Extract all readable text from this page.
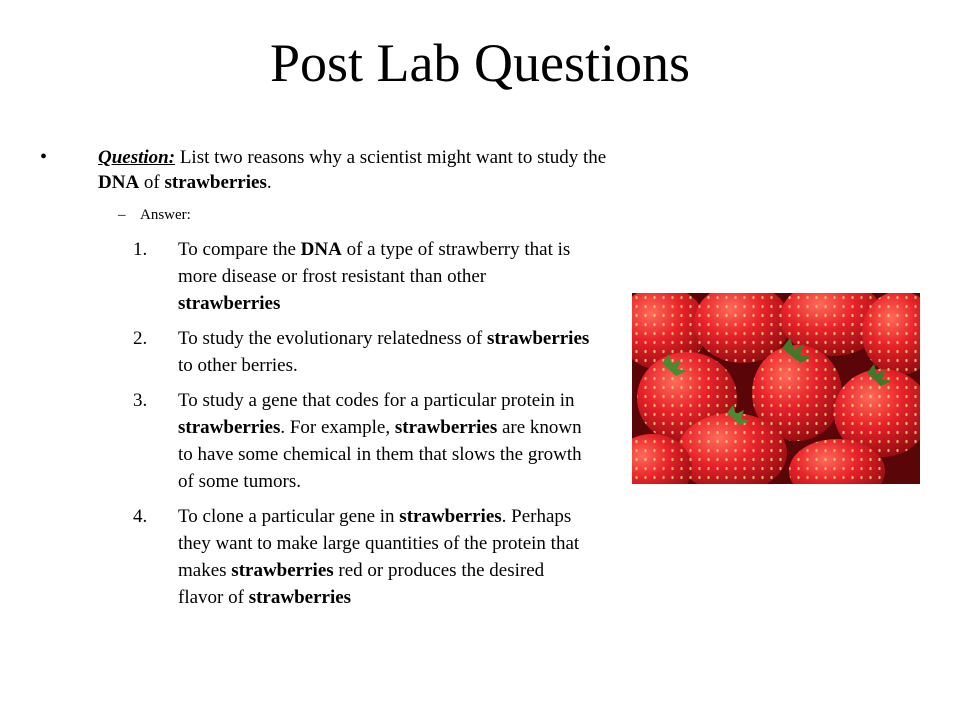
Post Lab Questions
•	Question: List two reasons why a scientist might want to study the DNA of strawberries.
– Answer:
1. To compare the DNA of a type of strawberry that is more disease or frost resistant than other strawberries
2. To study the evolutionary relatedness of strawberries to other berries.
3. To study a gene that codes for a particular protein in strawberries. For example, strawberries are known to have some chemical in them that slows the growth of some tumors.
4. To clone a particular gene in strawberries. Perhaps they want to make large quantities of the protein that makes strawberries red or produces the desired flavor of strawberries
